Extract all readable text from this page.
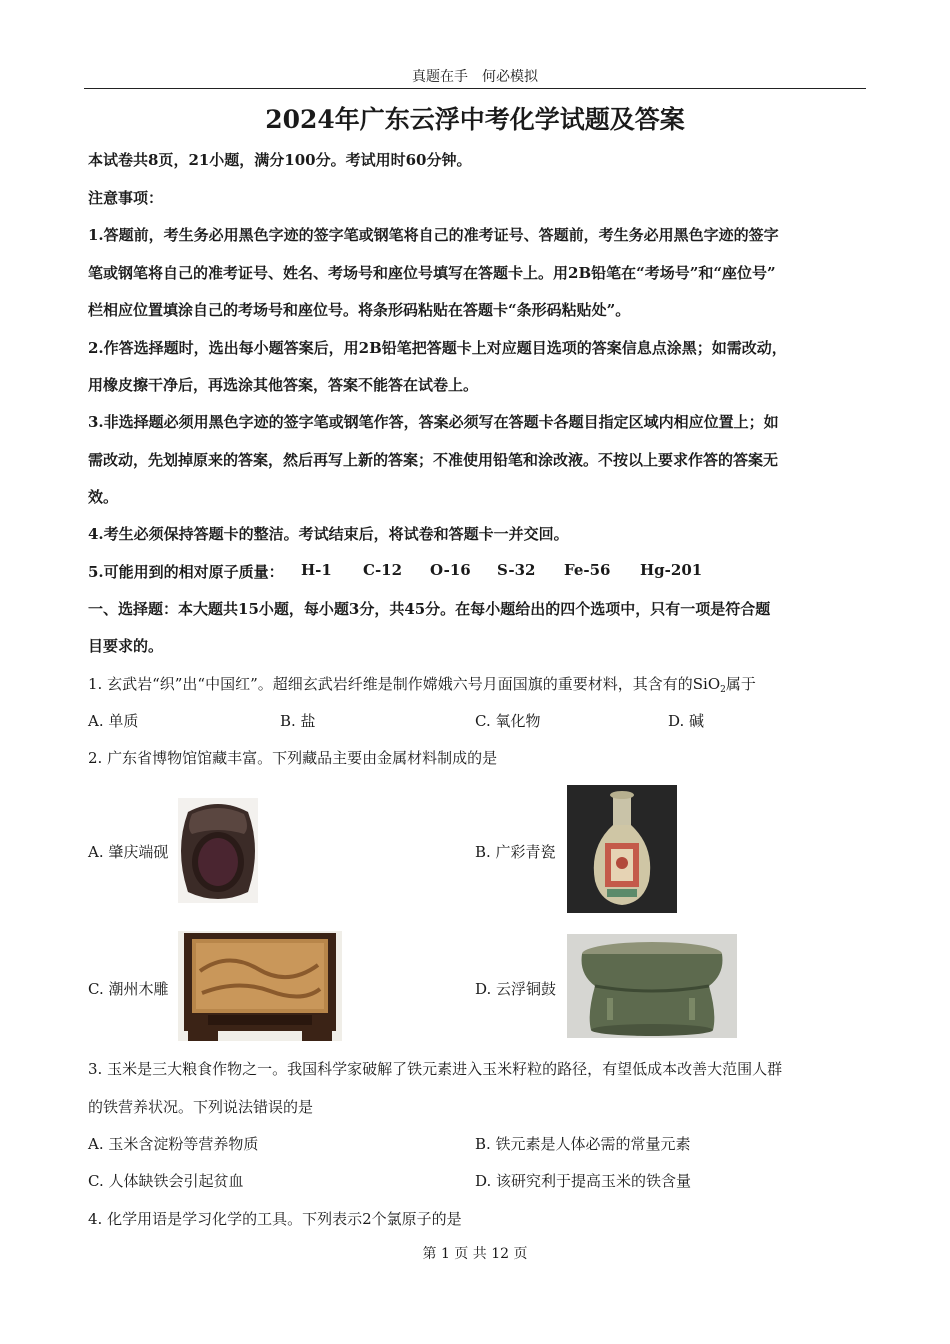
真题在手　何必模拟
2024年广东云浮中考化学试题及答案
本试卷共8页，21小题，满分100分。考试用时60分钟。
注意事项：
1.答题前，考生务必用黑色字迹的签字笔或钢笔将自己的准考证号、答题前，考生务必用黑色字迹的签字
笔或钢笔将自己的准考证号、姓名、考场号和座位号填写在答题卡上。用2B铅笔在“考场号”和“座位号”
栏相应位置填涂自己的考场号和座位号。将条形码粘贴在答题卡“条形码粘贴处”。
2.作答选择题时，选出每小题答案后，用2B铅笔把答题卡上对应题目选项的答案信息点涂黑；如需改动，
用橡皮擦干净后，再选涂其他答案，答案不能答在试卷上。
3.非选择题必须用黑色字迹的签字笔或钢笔作答，答案必须写在答题卡各题目指定区域内相应位置上；如
需改动，先划掉原来的答案，然后再写上新的答案；不准使用铅笔和涂改液。不按以上要求作答的答案无
效。
4.考生必须保持答题卡的整洁。考试结束后，将试卷和答题卡一并交回。
5.可能用到的相对原子质量： H-1 C-12 O-16 S-32 Fe-56 Hg-201
一、选择题：本大题共15小题，每小题3分，共45分。在每小题给出的四个选项中，只有一项是符合题
目要求的。
1. 玄武岩“织”出“中国红”。超细玄武岩纤维是制作嫦娥六号月面国旗的重要材料，其含有的SiO$_2$属于
A. 单质	B. 盐	C. 氧化物	D. 碱
2. 广东省博物馆馆藏丰富。下列藏品主要由金属材料制成的是
A. 肇庆端砚	B. 广彩青瓷
C. 潮州木雕	D. 云浮铜鼓
3. 玉米是三大粮食作物之一。我国科学家破解了铁元素进入玉米籽粒的路径，有望低成本改善大范围人群
的铁营养状况。下列说法错误的是
A. 玉米含淀粉等营养物质	B. 铁元素是人体必需的常量元素
C. 人体缺铁会引起贫血	D. 该研究利于提高玉米的铁含量
4. 化学用语是学习化学的工具。下列表示2个氯原子的是
第 1 页 共 12 页
